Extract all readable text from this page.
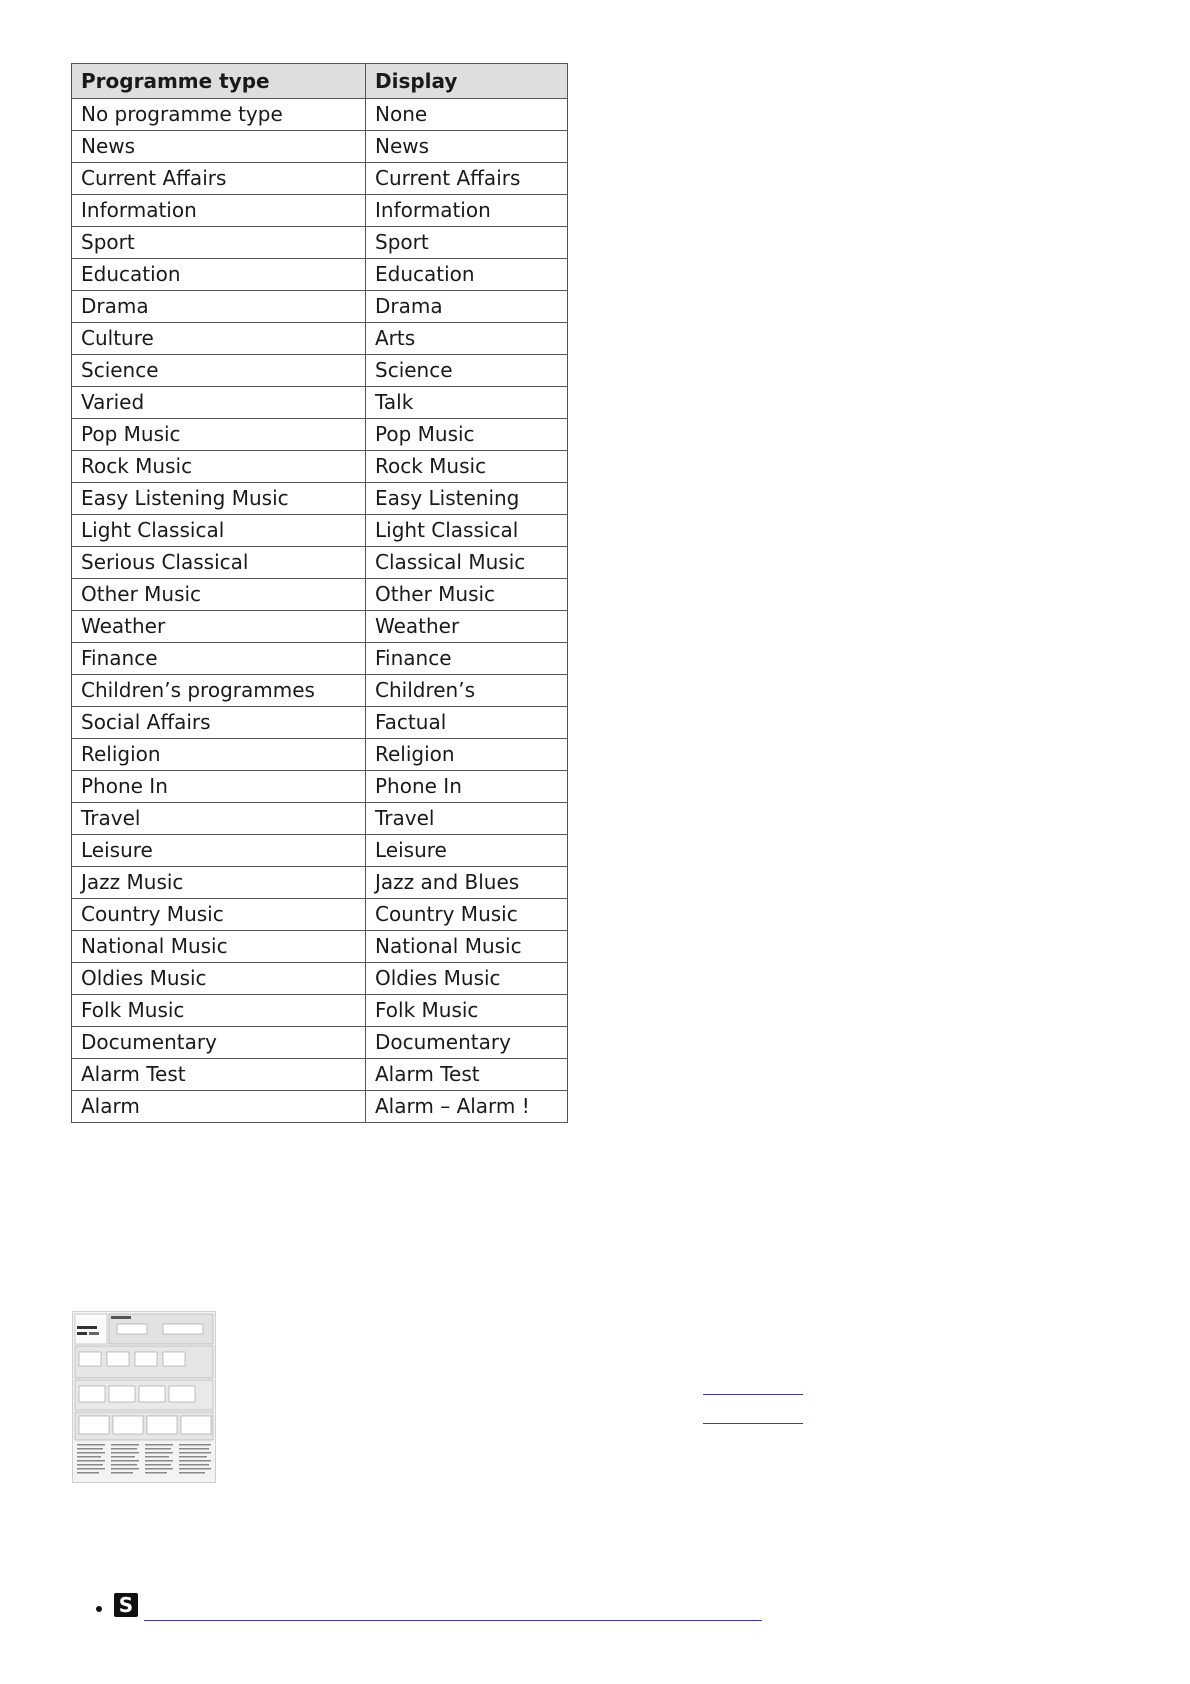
Programme type	Display
No programme type	None
News	News
Current Affairs	Current Affairs
Information	Information
Sport	Sport
Education	Education
Drama	Drama
Culture	Arts
Science	Science
Varied	Talk
Pop Music	Pop Music
Rock Music	Rock Music
Easy Listening Music	Easy Listening
Light Classical	Light Classical
Serious Classical	Classical Music
Other Music	Other Music
Weather	Weather
Finance	Finance
Children’s programmes	Children’s
Social Affairs	Factual
Religion	Religion
Phone In	Phone In
Travel	Travel
Leisure	Leisure
Jazz Music	Jazz and Blues
Country Music	Country Music
National Music	National Music
Oldies Music	Oldies Music
Folk Music	Folk Music
Documentary	Documentary
Alarm Test	Alarm Test
Alarm	Alarm – Alarm !
S
